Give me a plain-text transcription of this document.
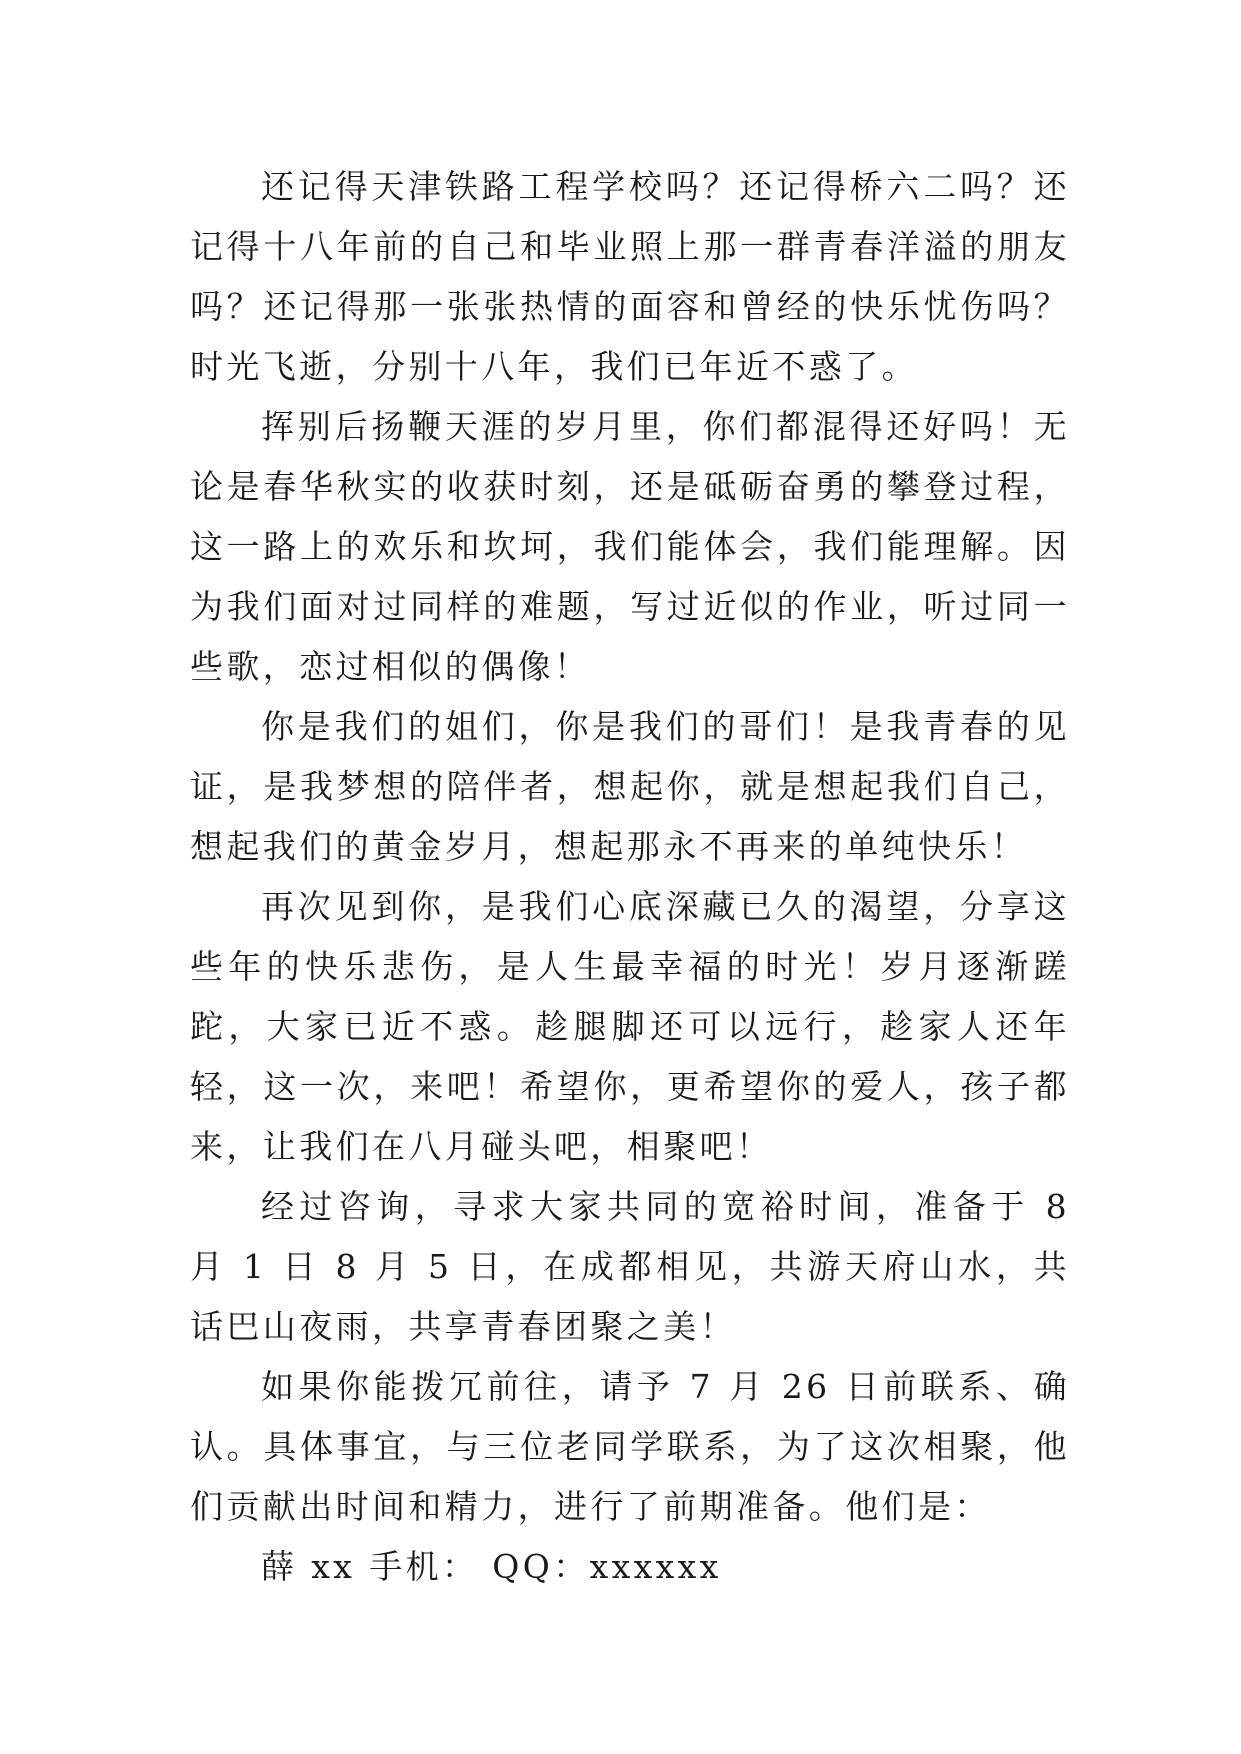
还记得天津铁路工程学校吗？还记得桥六二吗？还记得十八年前的自己和毕业照上那一群青春洋溢的朋友吗？还记得那一张张热情的面容和曾经的快乐忧伤吗？时光飞逝，分别十八年，我们已年近不惑了。

挥别后扬鞭天涯的岁月里，你们都混得还好吗！无论是春华秋实的收获时刻，还是砥砺奋勇的攀登过程，这一路上的欢乐和坎坷，我们能体会，我们能理解。因为我们面对过同样的难题，写过近似的作业，听过同一些歌，恋过相似的偶像！

你是我们的姐们，你是我们的哥们！是我青春的见证，是我梦想的陪伴者，想起你，就是想起我们自己，想起我们的黄金岁月，想起那永不再来的单纯快乐！

再次见到你，是我们心底深藏已久的渴望，分享这些年的快乐悲伤，是人生最幸福的时光！岁月逐渐蹉跎，大家已近不惑。趁腿脚还可以远行，趁家人还年轻，这一次，来吧！希望你，更希望你的爱人，孩子都来，让我们在八月碰头吧，相聚吧！

经过咨询，寻求大家共同的宽裕时间，准备于 8 月 1 日 8 月 5 日，在成都相见，共游天府山水，共话巴山夜雨，共享青春团聚之美！

如果你能拨冗前往，请予 7 月 26 日前联系、确认。具体事宜，与三位老同学联系，为了这次相聚，他们贡献出时间和精力，进行了前期准备。他们是：

薛 xx 手机： QQ：xxxxxx
